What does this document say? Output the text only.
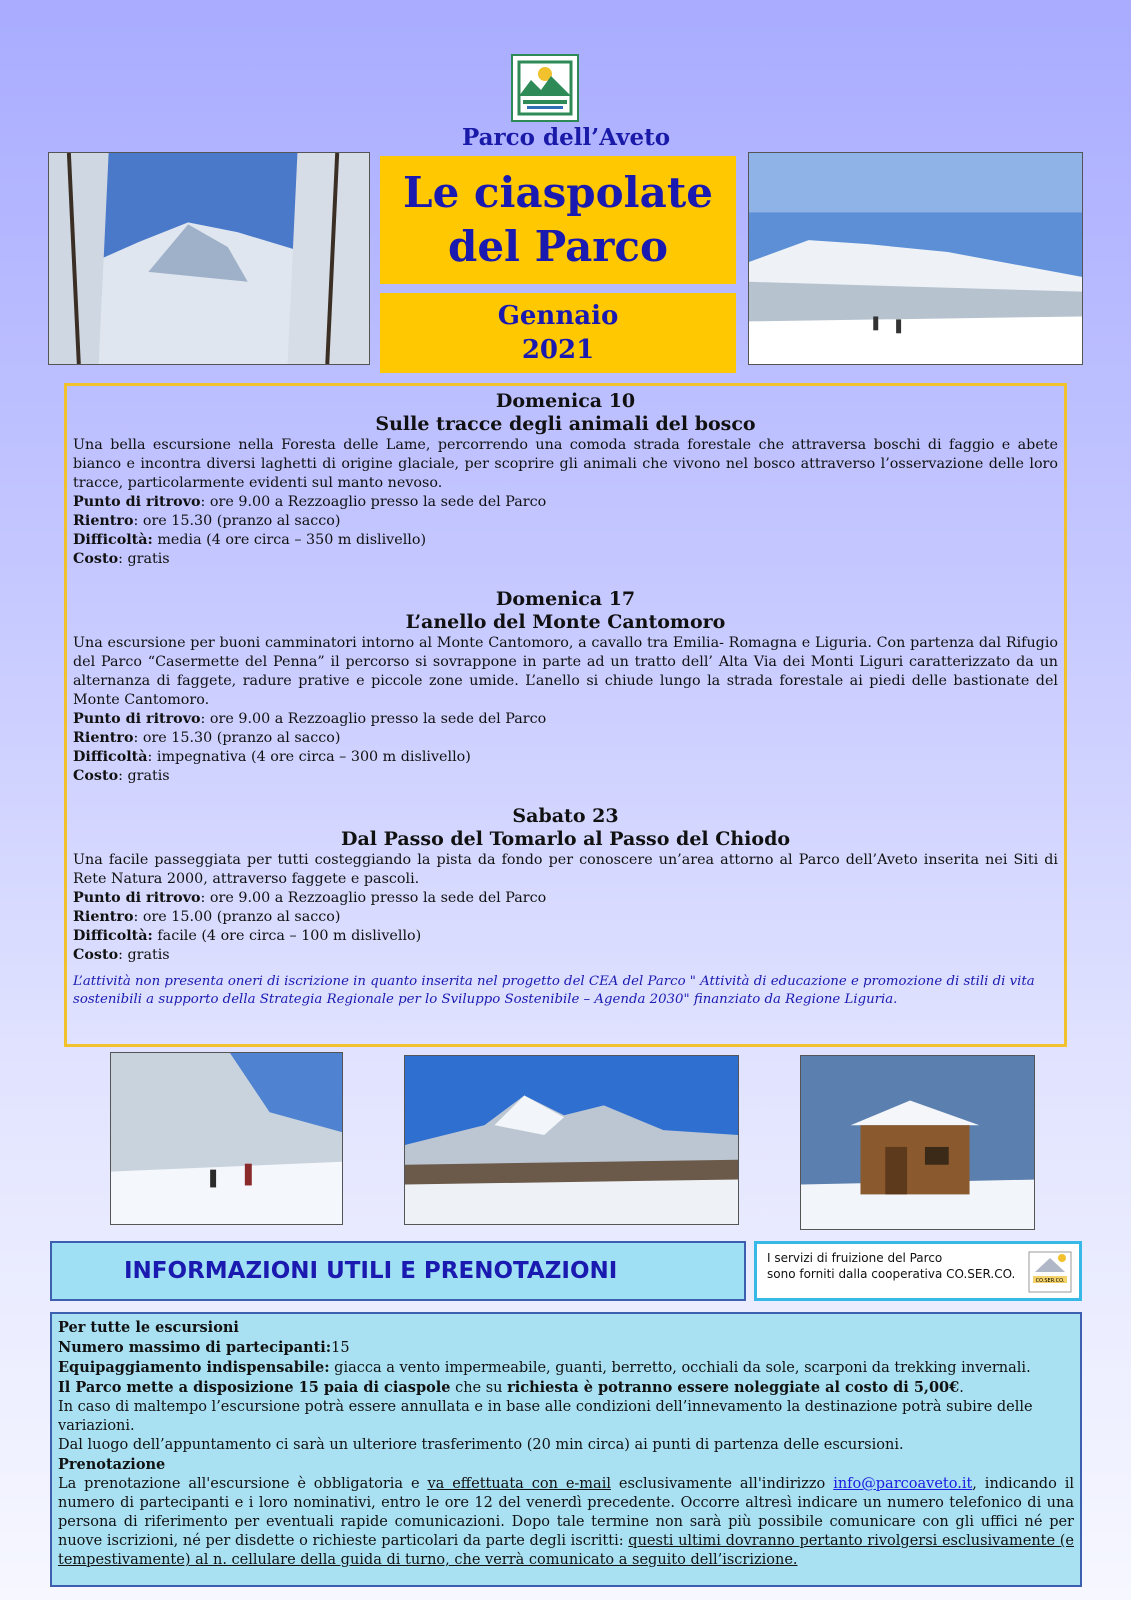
Parco dell’Aveto
Le ciaspolate
del Parco
Gennaio
2021
Domenica 10
Sulle tracce degli animali del bosco
Una bella escursione nella Foresta delle Lame, percorrendo una comoda strada forestale che attraversa boschi di faggio e abete bianco e incontra diversi laghetti di origine glaciale, per scoprire gli animali che vivono nel bosco attraverso l’osservazione delle loro tracce, particolarmente evidenti sul manto nevoso.
Punto di ritrovo: ore 9.00 a Rezzoaglio presso la sede del Parco
Rientro: ore 15.30 (pranzo al sacco)
Difficoltà: media (4 ore circa – 350 m dislivello)
Costo: gratis
Domenica 17
L’anello del Monte Cantomoro
Una escursione per buoni camminatori intorno al Monte Cantomoro, a cavallo tra Emilia- Romagna e Liguria. Con partenza dal Rifugio del Parco “Casermette del Penna” il percorso si sovrappone in parte ad un tratto dell’ Alta Via dei Monti Liguri caratterizzato da un alternanza di faggete, radure prative e piccole zone umide. L’anello si chiude lungo la strada forestale ai piedi delle bastionate del Monte Cantomoro.
Punto di ritrovo: ore 9.00 a Rezzoaglio presso la sede del Parco
Rientro: ore 15.30 (pranzo al sacco)
Difficoltà: impegnativa (4 ore circa – 300 m dislivello)
Costo: gratis
Sabato 23
Dal Passo del Tomarlo al Passo del Chiodo
Una facile passeggiata per tutti costeggiando la pista da fondo per conoscere un’area attorno al Parco dell’Aveto inserita nei Siti di Rete Natura 2000, attraverso faggete e pascoli.
Punto di ritrovo: ore 9.00 a Rezzoaglio presso la sede del Parco
Rientro: ore 15.00 (pranzo al sacco)
Difficoltà: facile (4 ore circa – 100 m dislivello)
Costo: gratis
L’attività non presenta oneri di iscrizione in quanto inserita nel progetto del CEA del Parco " Attività di educazione e promozione di stili di vita sostenibili a supporto della Strategia Regionale per lo Sviluppo Sostenibile – Agenda 2030" finanziato da Regione Liguria.
INFORMAZIONI UTILI E PRENOTAZIONI	I servizi di fruizione del Parco
sono forniti dalla cooperativa CO.SER.CO.	CO.SER.CO.
Per tutte le escursioni
Numero massimo di partecipanti:15
Equipaggiamento indispensabile: giacca a vento impermeabile, guanti, berretto, occhiali da sole, scarponi da trekking invernali.
Il Parco mette a disposizione 15 paia di ciaspole che su richiesta è potranno essere noleggiate al costo di 5,00€.
In caso di maltempo l’escursione potrà essere annullata e in base alle condizioni dell’innevamento la destinazione potrà subire delle variazioni.
Dal luogo dell’appuntamento ci sarà un ulteriore trasferimento (20 min circa) ai punti di partenza delle escursioni.
Prenotazione
La prenotazione all'escursione è obbligatoria e va effettuata con e-mail esclusivamente all'indirizzo info@parcoaveto.it, indicando il numero di partecipanti e i loro nominativi, entro le ore 12 del venerdì precedente. Occorre altresì indicare un numero telefonico di una persona di riferimento per eventuali rapide comunicazioni. Dopo tale termine non sarà più possibile comunicare con gli uffici né per nuove iscrizioni, né per disdette o richieste particolari da parte degli iscritti: questi ultimi dovranno pertanto rivolgersi esclusivamente (e tempestivamente) al n. cellulare della guida di turno, che verrà comunicato a seguito dell’iscrizione.
